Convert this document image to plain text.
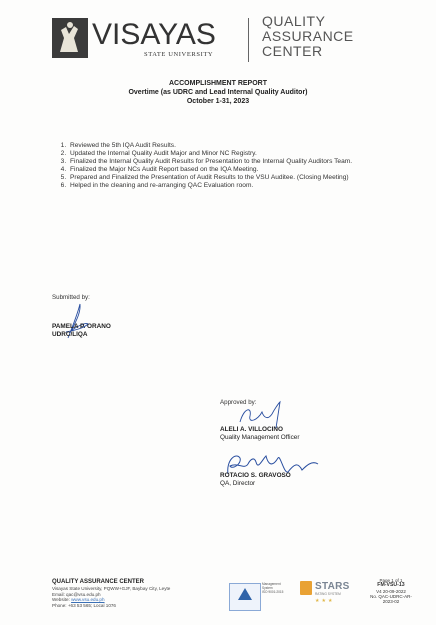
VISAYAS
STATE UNIVERSITY
QUALITY
ASSURANCE
CENTER
ACCOMPLISHMENT REPORT
Overtime (as UDRC and Lead Internal Quality Auditor)
October 1-31, 2023
1. Reviewed the 5th IQA Audit Results.
2. Updated the Internal Quality Audit Major and Minor NC Registry.
3. Finalized the Internal Quality Audit Results for Presentation to the Internal Quality Auditors Team.
4. Finalized the Major NCs Audit Report based on the IQA Meeting.
5. Prepared and Finalized the Presentation of Audit Results to the VSU Auditee. (Closing Meeting)
6. Helped in the cleaning and re-arranging QAC Evaluation room.
Submitted by:
PAMELA P. ORANO
UDRC/LIQA
Approved by:
ALELI A. VILLOCINO
Quality Management Officer
ROTACIO S. GRAVOSO
QA, Director
QUALITY ASSURANCE CENTER
Visayas State University, PQWW+GJF, Baybay City, Leyte
Email: qac@vsu.edu.ph
Website: www.vsu.edu.ph
Phone: +63 53 565; Local 1076
Management
System
ISO 9001:2015	STARS
RATING SYSTEM
★ ★ ★
Page 1 of 1
FM-VSU-13
V4 20-09-2022
No. QAC-UDRC-AR-2023-02
